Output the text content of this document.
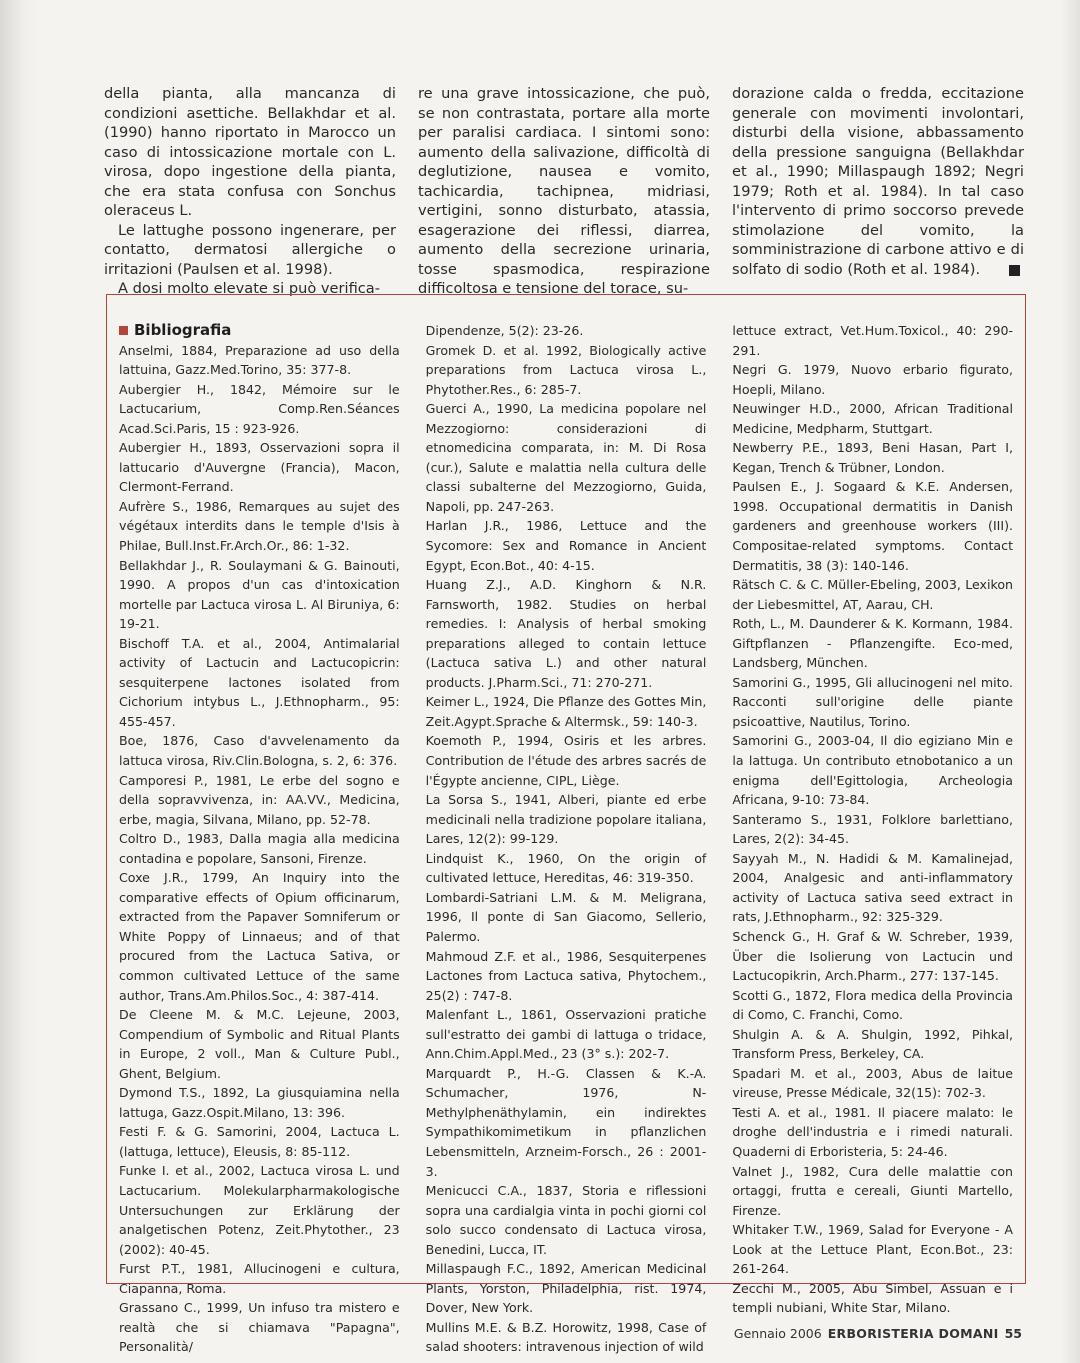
della pianta, alla mancanza di condizioni asettiche. Bellakhdar et al. (1990) hanno riportato in Marocco un caso di intossicazione mortale con L. virosa, dopo ingestione della pianta, che era stata confusa con Sonchus oleraceus L.

Le lattughe possono ingenerare, per contatto, dermatosi allergiche o irritazioni (Paulsen et al. 1998).

A dosi molto elevate si può verifica-

re una grave intossicazione, che può, se non contrastata, portare alla morte per paralisi cardiaca. I sintomi sono: aumento della salivazione, difficoltà di deglutizione, nausea e vomito, tachicardia, tachipnea, midriasi, vertigini, sonno disturbato, atassia, esagerazione dei riflessi, diarrea, aumento della secrezione urinaria, tosse spasmodica, respirazione difficoltosa e tensione del torace, su-

dorazione calda o fredda, eccitazione generale con movimenti involontari, disturbi della visione, abbassamento della pressione sanguigna (Bellakhdar et al., 1990; Millaspaugh 1892; Negri 1979; Roth et al. 1984). In tal caso l'intervento di primo soccorso prevede stimolazione del vomito, la somministrazione di carbone attivo e di solfato di sodio (Roth et al. 1984).

Bibliografia

Anselmi, 1884, Preparazione ad uso della lattuina, Gazz.Med.Torino, 35: 377-8.

Aubergier H., 1842, Mémoire sur le Lactucarium, Comp.Ren.Séances Acad.Sci.Paris, 15 : 923-926.

Aubergier H., 1893, Osservazioni sopra il lattucario d'Auvergne (Francia), Macon, Clermont-Ferrand.

Aufrère S., 1986, Remarques au sujet des végétaux interdits dans le temple d'Isis à Philae, Bull.Inst.Fr.Arch.Or., 86: 1-32.

Bellakhdar J., R. Soulaymani & G. Bainouti, 1990. A propos d'un cas d'intoxication mortelle par Lactuca virosa L. Al Biruniya, 6: 19-21.

Bischoff T.A. et al., 2004, Antimalarial activity of Lactucin and Lactucopicrin: sesquiterpene lactones isolated from Cichorium intybus L., J.Ethnopharm., 95: 455-457.

Boe, 1876, Caso d'avvelenamento da lattuca virosa, Riv.Clin.Bologna, s. 2, 6: 376.

Camporesi P., 1981, Le erbe del sogno e della sopravvivenza, in: AA.VV., Medicina, erbe, magia, Silvana, Milano, pp. 52-78.

Coltro D., 1983, Dalla magia alla medicina contadina e popolare, Sansoni, Firenze.

Coxe J.R., 1799, An Inquiry into the comparative effects of Opium officinarum, extracted from the Papaver Somniferum or White Poppy of Linnaeus; and of that procured from the Lactuca Sativa, or common cultivated Lettuce of the same author, Trans.Am.Philos.Soc., 4: 387-414.

De Cleene M. & M.C. Lejeune, 2003, Compendium of Symbolic and Ritual Plants in Europe, 2 voll., Man & Culture Publ., Ghent, Belgium.

Dymond T.S., 1892, La giusquiamina nella lattuga, Gazz.Ospit.Milano, 13: 396.

Festi F. & G. Samorini, 2004, Lactuca L. (lattuga, lettuce), Eleusis, 8: 85-112.

Funke I. et al., 2002, Lactuca virosa L. und Lactucarium. Molekularpharmakologische Untersuchungen zur Erklärung der analgetischen Potenz, Zeit.Phytother., 23 (2002): 40-45.

Furst P.T., 1981, Allucinogeni e cultura, Ciapanna, Roma.

Grassano C., 1999, Un infuso tra mistero e realtà che si chiamava "Papagna", Personalità/

Dipendenze, 5(2): 23-26.

Gromek D. et al. 1992, Biologically active preparations from Lactuca virosa L., Phytother.Res., 6: 285-7.

Guerci A., 1990, La medicina popolare nel Mezzogiorno: considerazioni di etnomedicina comparata, in: M. Di Rosa (cur.), Salute e malattia nella cultura delle classi subalterne del Mezzogiorno, Guida, Napoli, pp. 247-263.

Harlan J.R., 1986, Lettuce and the Sycomore: Sex and Romance in Ancient Egypt, Econ.Bot., 40: 4-15.

Huang Z.J., A.D. Kinghorn & N.R. Farnsworth, 1982. Studies on herbal remedies. I: Analysis of herbal smoking preparations alleged to contain lettuce (Lactuca sativa L.) and other natural products. J.Pharm.Sci., 71: 270-271.

Keimer L., 1924, Die Pflanze des Gottes Min, Zeit.Agypt.Sprache & Altermsk., 59: 140-3.

Koemoth P., 1994, Osiris et les arbres. Contribution de l'étude des arbres sacrés de l'Égypte ancienne, CIPL, Liège.

La Sorsa S., 1941, Alberi, piante ed erbe medicinali nella tradizione popolare italiana, Lares, 12(2): 99-129.

Lindquist K., 1960, On the origin of cultivated lettuce, Hereditas, 46: 319-350.

Lombardi-Satriani L.M. & M. Meligrana, 1996, Il ponte di San Giacomo, Sellerio, Palermo.

Mahmoud Z.F. et al., 1986, Sesquiterpenes Lactones from Lactuca sativa, Phytochem., 25(2) : 747-8.

Malenfant L., 1861, Osservazioni pratiche sull'estratto dei gambi di lattuga o tridace, Ann.Chim.Appl.Med., 23 (3° s.): 202-7.

Marquardt P., H.-G. Classen & K.-A. Schumacher, 1976, N-Methylphenäthylamin, ein indirektes Sympathikomimetikum in pflanzlichen Lebensmitteln, Arzneim-Forsch., 26 : 2001-3.

Menicucci C.A., 1837, Storia e riflessioni sopra una cardialgia vinta in pochi giorni col solo succo condensato di Lactuca virosa, Benedini, Lucca, IT.

Millaspaugh F.C., 1892, American Medicinal Plants, Yorston, Philadelphia, rist. 1974, Dover, New York.

Mullins M.E. & B.Z. Horowitz, 1998, Case of salad shooters: intravenous injection of wild

lettuce extract, Vet.Hum.Toxicol., 40: 290-291.

Negri G. 1979, Nuovo erbario figurato, Hoepli, Milano.

Neuwinger H.D., 2000, African Traditional Medicine, Medpharm, Stuttgart.

Newberry P.E., 1893, Beni Hasan, Part I, Kegan, Trench & Trübner, London.

Paulsen E., J. Sogaard & K.E. Andersen, 1998. Occupational dermatitis in Danish gardeners and greenhouse workers (III). Compositae-related symptoms. Contact Dermatitis, 38 (3): 140-146.

Rätsch C. & C. Müller-Ebeling, 2003, Lexikon der Liebesmittel, AT, Aarau, CH.

Roth, L., M. Daunderer & K. Kormann, 1984. Giftpflanzen - Pflanzengifte. Eco-med, Landsberg, München.

Samorini G., 1995, Gli allucinogeni nel mito. Racconti sull'origine delle piante psicoattive, Nautilus, Torino.

Samorini G., 2003-04, Il dio egiziano Min e la lattuga. Un contributo etnobotanico a un enigma dell'Egittologia, Archeologia Africana, 9-10: 73-84.

Santeramo S., 1931, Folklore barlettiano, Lares, 2(2): 34-45.

Sayyah M., N. Hadidi & M. Kamalinejad, 2004, Analgesic and anti-inflammatory activity of Lactuca sativa seed extract in rats, J.Ethnopharm., 92: 325-329.

Schenck G., H. Graf & W. Schreber, 1939, Über die Isolierung von Lactucin und Lactucopikrin, Arch.Pharm., 277: 137-145.

Scotti G., 1872, Flora medica della Provincia di Como, C. Franchi, Como.

Shulgin A. & A. Shulgin, 1992, Pihkal, Transform Press, Berkeley, CA.

Spadari M. et al., 2003, Abus de laitue vireuse, Presse Médicale, 32(15): 702-3.

Testi A. et al., 1981. Il piacere malato: le droghe dell'industria e i rimedi naturali. Quaderni di Erboristeria, 5: 24-46.

Valnet J., 1982, Cura delle malattie con ortaggi, frutta e cereali, Giunti Martello, Firenze.

Whitaker T.W., 1969, Salad for Everyone - A Look at the Lettuce Plant, Econ.Bot., 23: 261-264.

Zecchi M., 2005, Abu Simbel, Assuan e i templi nubiani, White Star, Milano.

Gennaio 2006 ERBORISTERIA DOMANI 55
